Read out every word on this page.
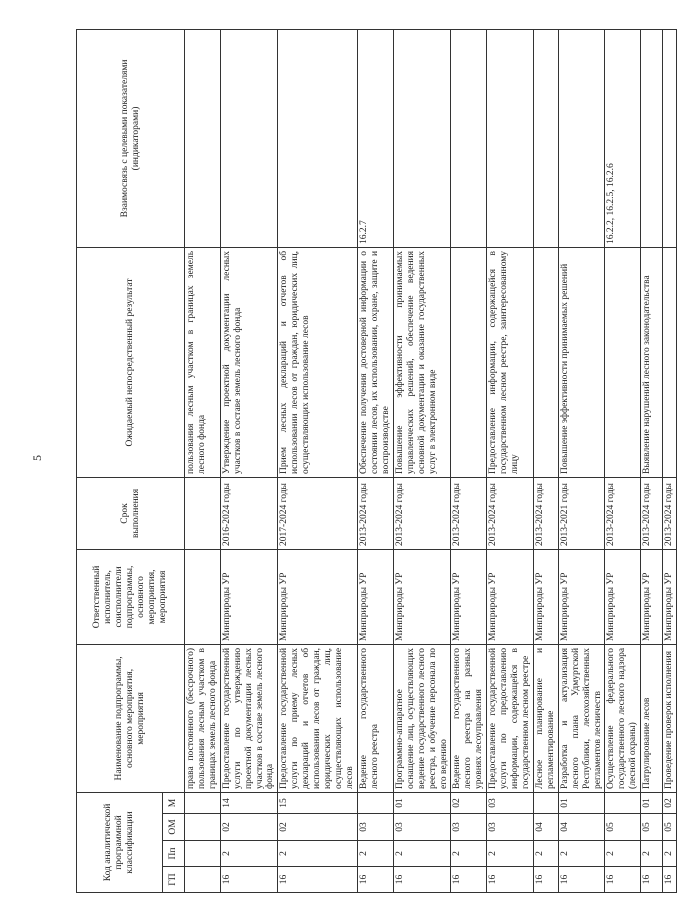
5
Код аналитической программной классификации				Наименование подпрограммы, основного мероприятия, мероприятия	Ответственный исполнитель, соисполнители подпрограммы, основного мероприятия, мероприятия	Срок выполнения	Ожидаемый непосредственный результат	Взаимосвязь с целевыми показателями (индикаторами)
ГП	Пп	ОМ	М					
				права постоянного (бессрочного) пользования лесным участком в границах земель лесного фонда			пользования лесным участком в границах земель лесного фонда	
16	2	02	14	Предоставление государственной услуги по утверждению проектной документации лесных участков в составе земель лесного фонда	Минприроды УР	2016-2024 годы	Утверждение проектной документации лесных участков в составе земель лесного фонда	
16	2	02	15	Предоставление государственной услуги по приему лесных деклараций и отчетов об использовании лесов от граждан, юридических лиц, осуществляющих использование лесов	Минприроды УР	2017-2024 годы	Прием лесных деклараций и отчетов об использовании лесов от граждан, юридических лиц, осуществляющих использование лесов	
16	2	03		Ведение государственного лесного реестра	Минприроды УР	2013-2024 годы	Обеспечение получения достоверной информации о состоянии лесов, их использовании, охране, защите и воспроизводстве	16.2.7
16	2	03	01	Программно-аппаратное оснащение лиц, осуществляющих ведение государственного лесного реестра, и обучение персонала по его ведению	Минприроды УР	2013-2024 годы	Повышение эффективности принимаемых управленческих решений, обеспечение ведения основной документации и оказание государственных услуг в электронном виде	
16	2	03	02	Ведение государственного лесного реестра на разных уровнях лесоуправления	Минприроды УР	2013-2024 годы		
16	2	03	03	Предоставление государственной услуги по предоставлению информации, содержащейся в государственном лесном реестре	Минприроды УР	2013-2024 годы	Предоставление информации, содержащейся в государственном лесном реестре, заинтересованному лицу	
16	2	04		Лесное планирование и регламентирование	Минприроды УР	2013-2024 годы		
16	2	04	01	Разработка и актуализация лесного плана Удмуртской Республики, лесохозяйственных регламентов лесничеств	Минприроды УР	2013-2021 годы	Повышение эффективности принимаемых решений	
16	2	05		Осуществление федерального государственного лесного надзора (лесной охраны)	Минприроды УР	2013-2024 годы		16.2.2, 16.2.5, 16.2.6
16	2	05	01	Патрулирование лесов	Минприроды УР	2013-2024 годы	Выявление нарушений лесного законодательства	
16	2	05	02	Проведение проверок исполнения	Минприроды УР	2013-2024 годы		
